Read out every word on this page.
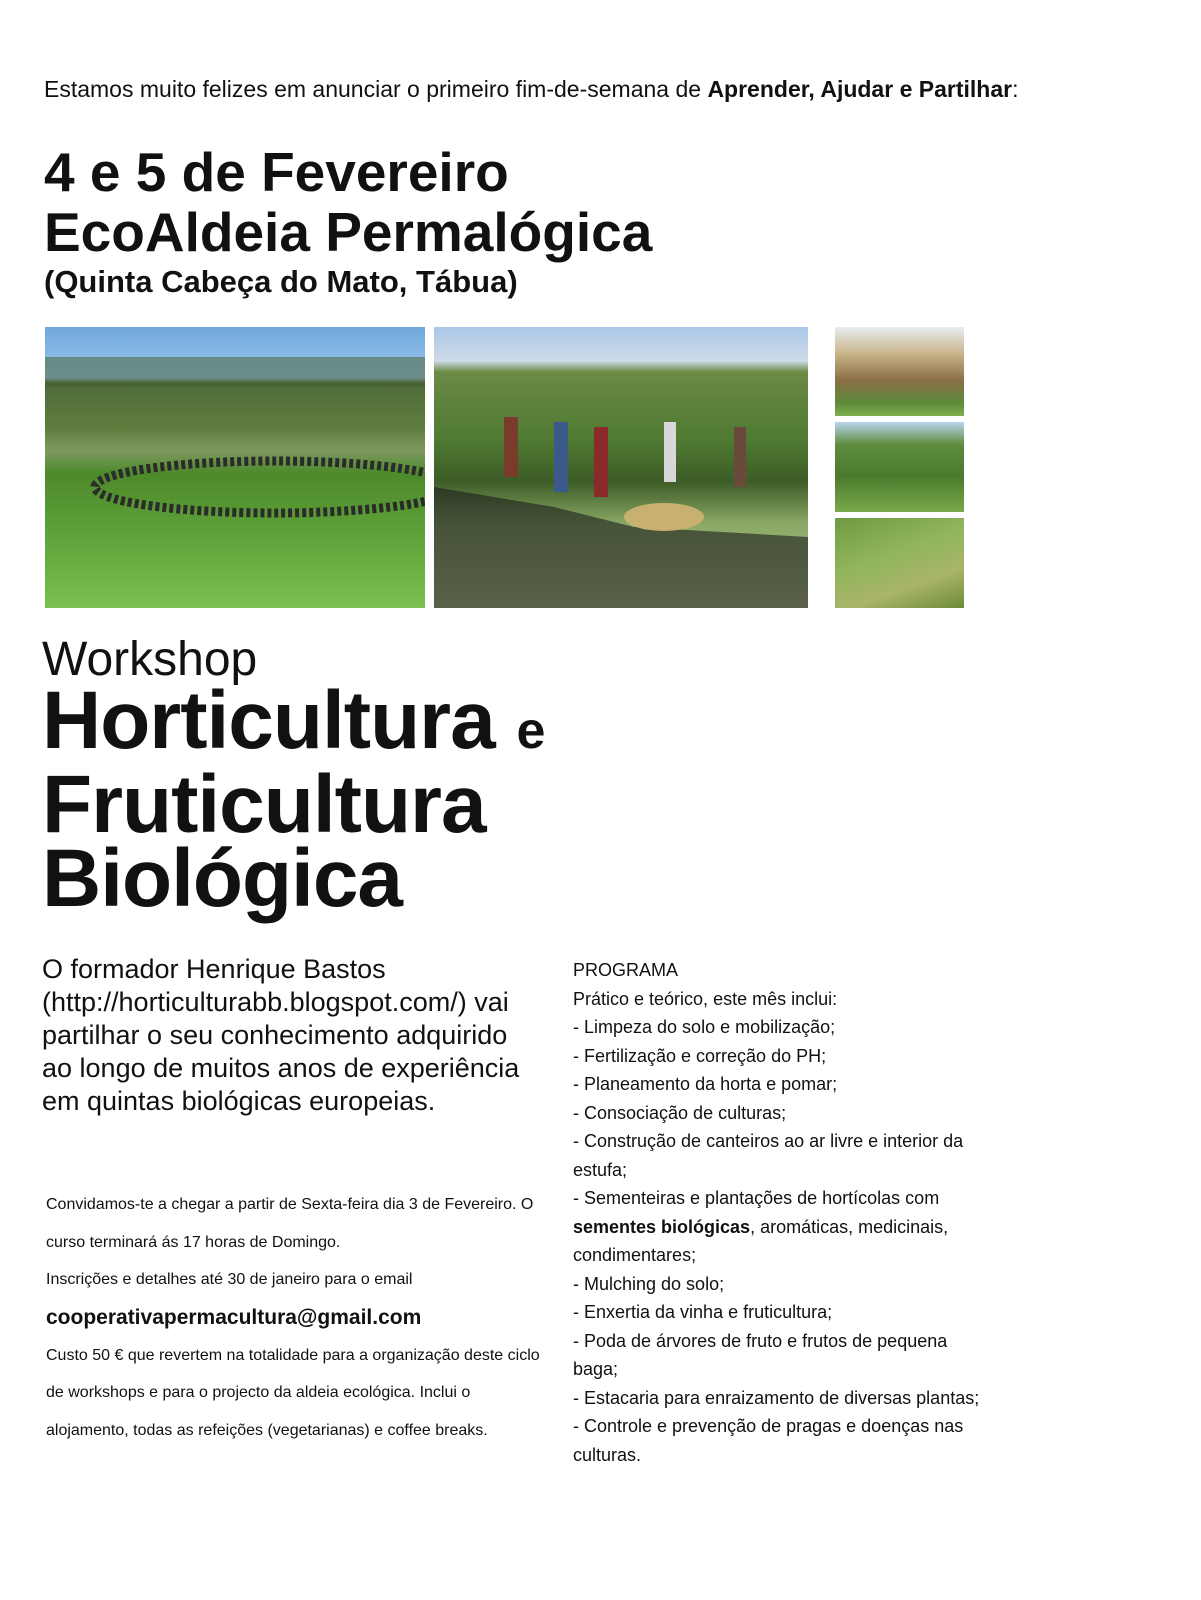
Estamos muito felizes em anunciar o primeiro fim-de-semana de Aprender, Ajudar e Partilhar:
4 e 5 de Fevereiro
EcoAldeia Permalógica
(Quinta Cabeça do Mato, Tábua)
Workshop
Horticultura e
Fruticultura
Biológica
O formador Henrique Bastos (http://horticulturabb.blogspot.com/) vai partilhar o seu conhecimento adquirido ao longo de muitos anos de experiência em quintas biológicas europeias.
Convidamos-te a chegar a partir de Sexta-feira dia 3 de Fevereiro. O curso terminará ás 17 horas de Domingo.
Inscrições e detalhes até 30 de janeiro para o email
cooperativapermacultura@gmail.com
Custo 50 € que revertem na totalidade para a organização deste ciclo de workshops e para o projecto da aldeia ecológica. Inclui o alojamento, todas as refeições (vegetarianas) e coffee breaks.
PROGRAMA
Prático e teórico, este mês inclui:
- Limpeza do solo e mobilização;
- Fertilização e correção do PH;
- Planeamento da horta e pomar;
- Consociação de culturas;
- Construção de canteiros ao ar livre e interior da estufa;
- Sementeiras e plantações de hortícolas com sementes biológicas, aromáticas, medicinais, condimentares;
- Mulching do solo;
- Enxertia da vinha e fruticultura;
- Poda de árvores de fruto e frutos de pequena baga;
- Estacaria para enraizamento de diversas plantas;
- Controle e prevenção de pragas e doenças nas culturas.
